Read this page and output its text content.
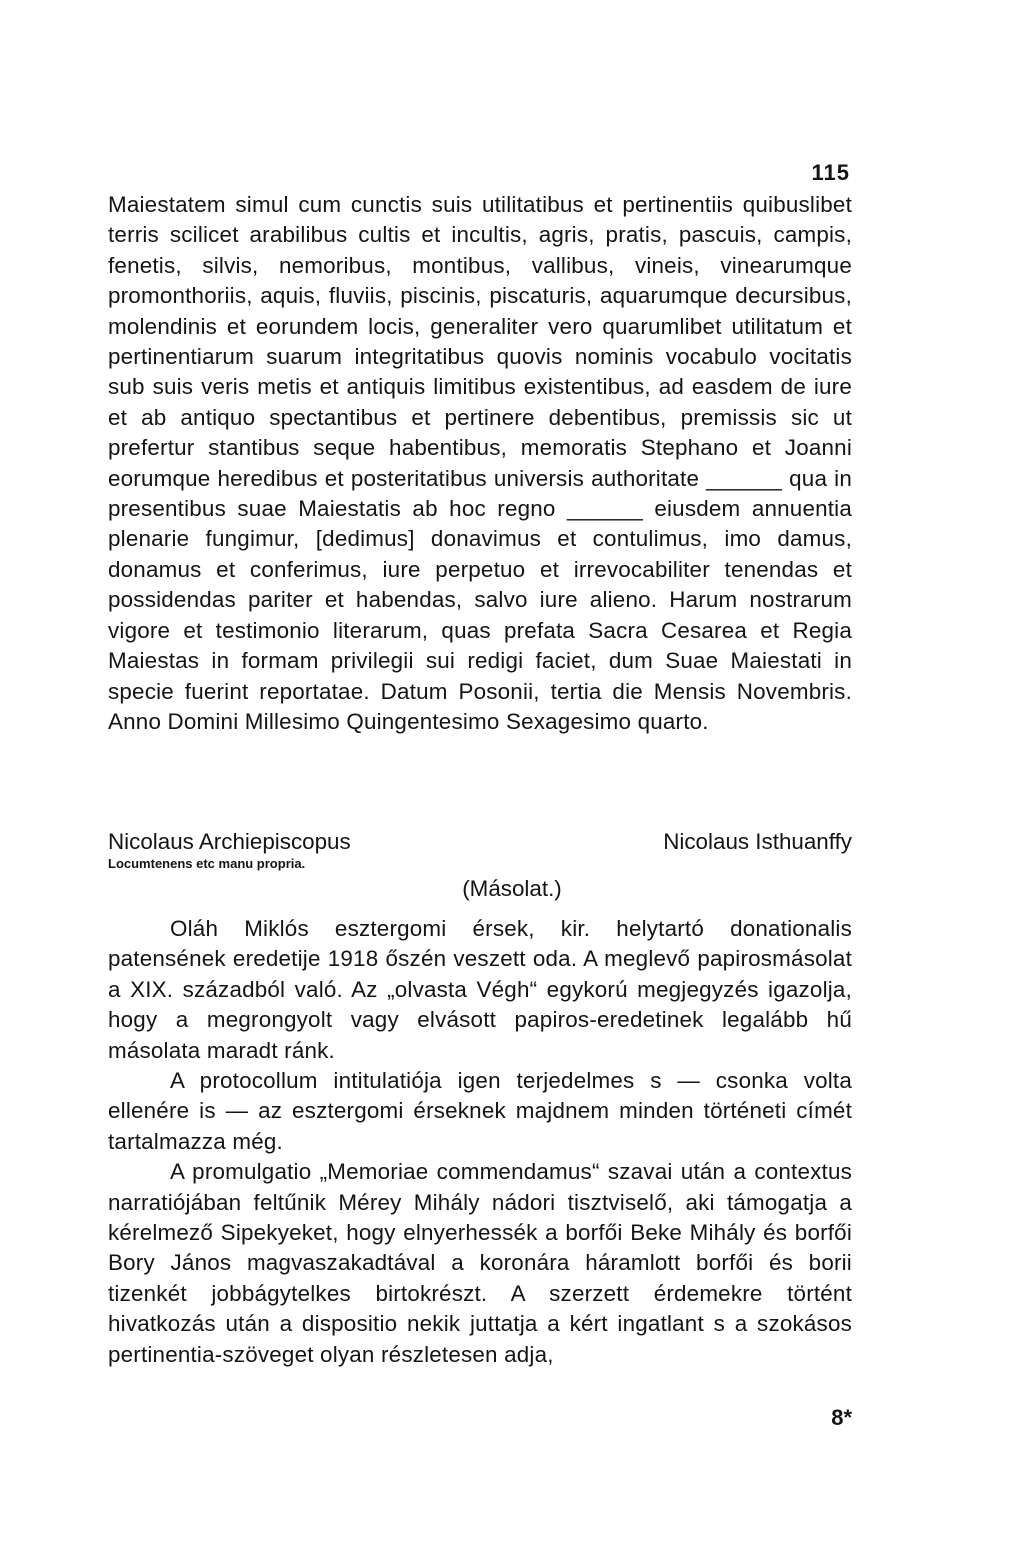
115

Maiestatem simul cum cunctis suis utilitatibus et pertinentiis quibuslibet terris scilicet arabilibus cultis et incultis, agris, pratis, pascuis, campis, fenetis, silvis, nemoribus, montibus, vallibus, vineis, vinearumque promonthoriis, aquis, fluviis, piscinis, piscaturis, aquarumque decursibus, molendinis et eorundem locis, generaliter vero quarumlibet utilitatum et pertinentiarum suarum integritatibus quovis nominis vocabulo vocitatis sub suis veris metis et antiquis limitibus existentibus, ad easdem de iure et ab antiquo spectantibus et pertinere debentibus, premissis sic ut prefertur stantibus seque habentibus, memoratis Stephano et Joanni eorumque heredibus et posteritatibus universis authoritate ______ qua in presentibus suae Maiestatis ab hoc regno ______ eiusdem annuentia plenarie fungimur, [dedimus] donavimus et contulimus, imo damus, donamus et conferimus, iure perpetuo et irrevocabiliter tenendas et possidendas pariter et habendas, salvo iure alieno. Harum nostrarum vigore et testimonio literarum, quas prefata Sacra Cesarea et Regia Maiestas in formam privilegii sui redigi faciet, dum Suae Maiestati in specie fuerint reportatae. Datum Posonii, tertia die Mensis Novembris. Anno Domini Millesimo Quingentesimo Sexagesimo quarto.

Nicolaus Archiepiscopus
Locumtenens etc manu propria.
Nicolaus Isthuanffy
(Másolat.)

Oláh Miklós esztergomi érsek, kir. helytartó donationalis patensének eredetije 1918 őszén veszett oda. A meglevő papirosmásolat a XIX. századból való. Az „olvasta Végh“ egykorú megjegyzés igazolja, hogy a megrongyolt vagy elvásott papiros-eredetinek legalább hű másolata maradt ránk.

A protocollum intitulatiója igen terjedelmes s — csonka volta ellenére is — az esztergomi érseknek majdnem minden történeti címét tartalmazza még.

A promulgatio „Memoriae commendamus“ szavai után a contextus narratiójában feltűnik Mérey Mihály nádori tisztviselő, aki támogatja a kérelmező Sipekyeket, hogy elnyerhessék a borfői Beke Mihály és borfői Bory János magvaszakadtával a koronára háramlott borfői és borii tizenkét jobbágytelkes birtokrészt. A szerzett érdemekre történt hivatkozás után a dispositio nekik juttatja a kért ingatlant s a szokásos pertinentia-szöveget olyan részletesen adja,

8*
